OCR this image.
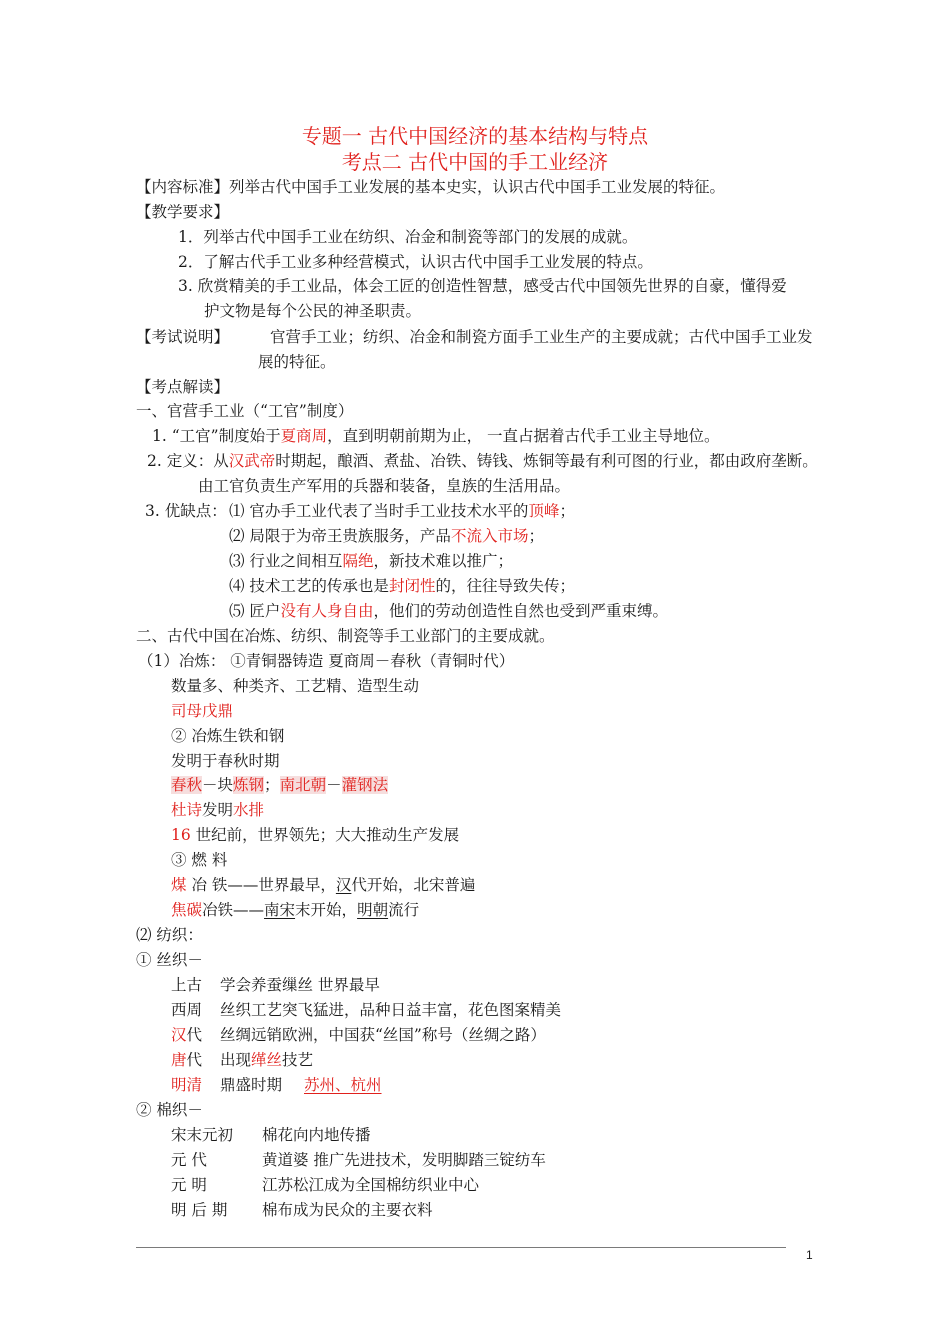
专题一 古代中国经济的基本结构与特点
考点二 古代中国的手工业经济
【内容标准】列举古代中国手工业发展的基本史实，认识古代中国手工业发展的特征。
【教学要求】
1．列举古代中国手工业在纺织、冶金和制瓷等部门的发展的成就。
2．了解古代手工业多种经营模式，认识古代中国手工业发展的特点。
3. 欣赏精美的手工业品，体会工匠的创造性智慧，感受古代中国领先世界的自豪，懂得爱
护文物是每个公民的神圣职责。
【考试说明】	官营手工业；纺织、冶金和制瓷方面手工业生产的主要成就；古代中国手工业发
展的特征。
【考点解读】
一、官营手工业（“工官”制度）
1. “工官”制度始于夏商周，直到明朝前期为止， 一直占据着古代手工业主导地位。
2. 定义：从汉武帝时期起，酿酒、煮盐、冶铁、铸钱、炼铜等最有利可图的行业，都由政府垄断。
由工官负责生产军用的兵器和装备，皇族的生活用品。
3. 优缺点： ⑴ 官办手工业代表了当时手工业技术水平的顶峰；
⑵ 局限于为帝王贵族服务，产品不流入市场；
⑶ 行业之间相互隔绝，新技术难以推广；
⑷ 技术工艺的传承也是封闭性的，往往导致失传；
⑸ 匠户没有人身自由，他们的劳动创造性自然也受到严重束缚。
二、古代中国在冶炼、纺织、制瓷等手工业部门的主要成就。
（1）冶炼： ①青铜器铸造 夏商周－春秋（青铜时代）
数量多、种类齐、工艺精、造型生动
司母戊鼎
② 冶炼生铁和钢
发明于春秋时期
春秋－块炼钢；南北朝－灌钢法
杜诗发明水排
16 世纪前，世界领先；大大推动生产发展
③ 燃 料
煤 冶 铁——世界最早，汉代开始，北宋普遍
焦碳冶铁——南宋末开始，明朝流行
⑵ 纺织：
① 丝织－
上古 学会养蚕缫丝 世界最早
西周 丝织工艺突飞猛进，品种日益丰富，花色图案精美
汉代 丝绸远销欧洲，中国获“丝国”称号（丝绸之路）
唐代 出现缂丝技艺
明清 鼎盛时期 苏州、杭州
② 棉织－
宋末元初 棉花向内地传播
元 代	黄道婆 推广先进技术，发明脚踏三锭纺车
元 明	江苏松江成为全国棉纺织业中心
明 后 期 棉布成为民众的主要衣料
1
